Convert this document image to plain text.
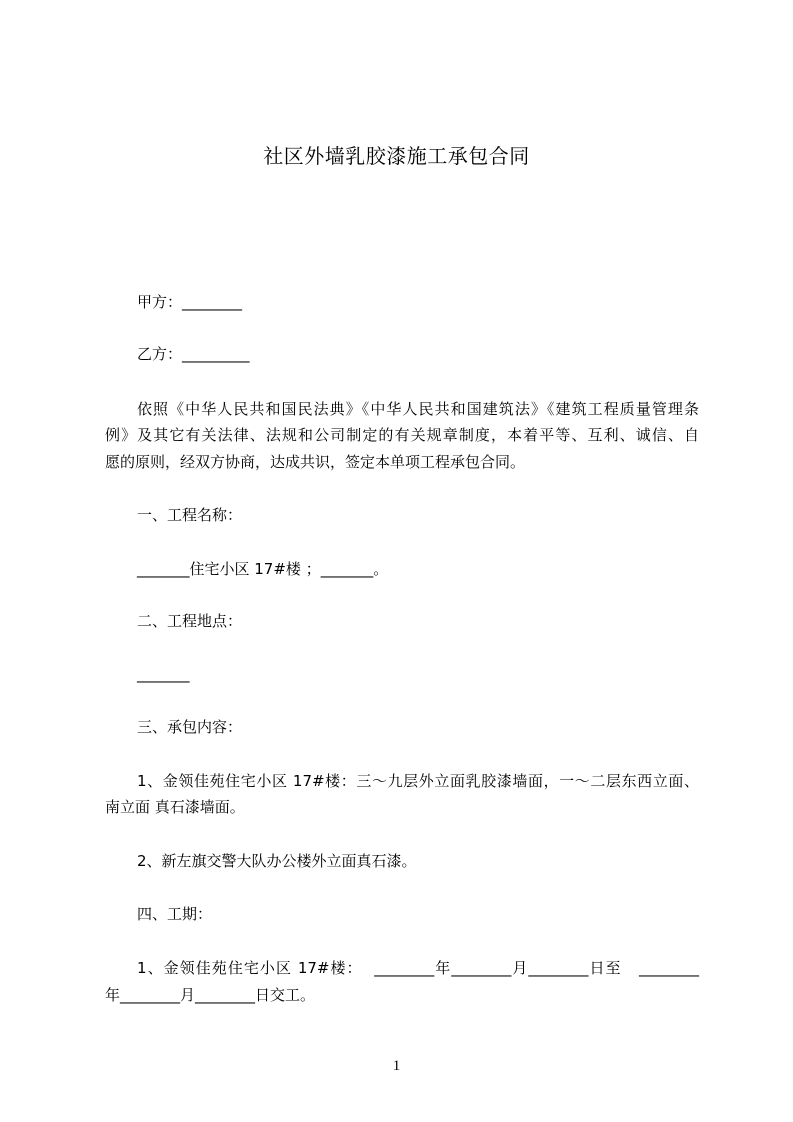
社区外墙乳胶漆施工承包合同
甲方：________
乙方：_________
依照《中华人民共和国民法典》《中华人民共和国建筑法》《建筑工程质量管理条
例》及其它有关法律、法规和公司制定的有关规章制度，本着平等、互利、诚信、自
愿的原则，经双方协商，达成共识，签定本单项工程承包合同。
一、工程名称：
_______住宅小区 17#楼 ；_______。
二、工程地点：
_______
三、承包内容：
1、金领佳苑住宅小区 17#楼：三～九层外立面乳胶漆墙面，一～二层东西立面、
南立面 真石漆墙面。
2、新左旗交警大队办公楼外立面真石漆。
四、工期：
1、金领佳苑住宅小区 17#楼：  ________年________月________日至   ________
年________月________日交工。
1
